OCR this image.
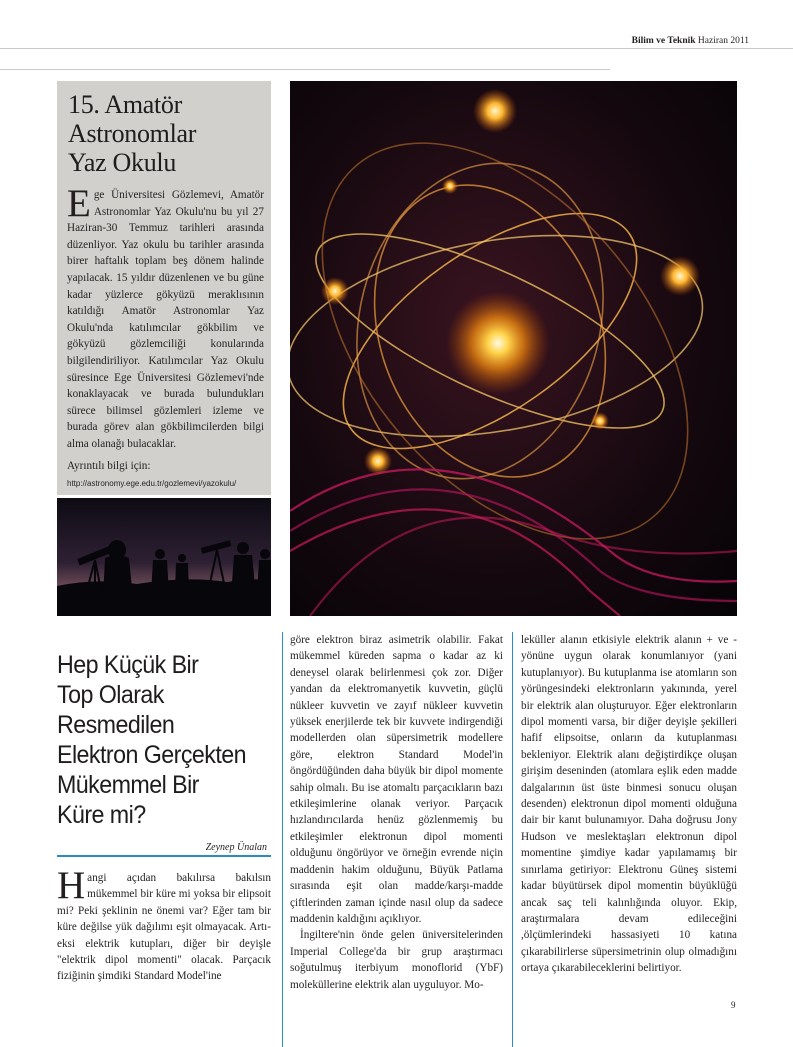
Bilim ve Teknik Haziran 2011
15. Amatör
Astronomlar
Yaz Okulu
Ege Üniversitesi Gözlemevi, Amatör Astronomlar Yaz Okulu'nu bu yıl 27 Haziran-30 Temmuz tarihleri arasında düzenliyor. Yaz okulu bu tarihler arasında birer haftalık toplam beş dönem halinde yapılacak. 15 yıldır düzenlenen ve bu güne kadar yüzlerce gökyüzü meraklısının katıldığı Amatör Astronomlar Yaz Okulu'nda katılımcılar gökbilim ve gökyüzü gözlemciliği konularında bilgilendiriliyor. Katılımcılar Yaz Okulu süresince Ege Üniversitesi Gözlemevi'nde konaklayacak ve burada bulundukları sürece bilimsel gözlemleri izleme ve burada görev alan gökbilimcilerden bilgi alma olanağı bulacaklar.
Ayrıntılı bilgi için:
http://astronomy.ege.edu.tr/gozlemevi/yazokulu/
Hep Küçük Bir
Top Olarak
Resmedilen
Elektron Gerçekten
Mükemmel Bir
Küre mi?
Zeynep Ünalan

Hangi açıdan bakılırsa bakılsın mükemmel bir küre mi yoksa bir elipsoit mi? Peki şeklinin ne önemi var? Eğer tam bir küre değilse yük dağılımı eşit olmayacak. Artı-eksi elektrik kutupları, diğer bir deyişle "elektrik dipol momenti" olacak. Parçacık fiziğinin şimdiki Standard Model'ine

göre elektron biraz asimetrik olabilir. Fakat mükemmel küreden sapma o kadar az ki deneysel olarak belirlenmesi çok zor. Diğer yandan da elektromanyetik kuvvetin, güçlü nükleer kuvvetin ve zayıf nükleer kuvvetin yüksek enerjilerde tek bir kuvvete indirgendiği modellerden olan süpersimetrik modellere göre, elektron Standard Model'in öngördüğünden daha büyük bir dipol momente sahip olmalı. Bu ise atomaltı parçacıkların bazı etkileşimlerine olanak veriyor. Parçacık hızlandırıcılarda henüz gözlenmemiş bu etkileşimler elektronun dipol momenti olduğunu öngörüyor ve örneğin evrende niçin maddenin hakim olduğunu, Büyük Patlama sırasında eşit olan madde/karşı-madde çiftlerinden zaman içinde nasıl olup da sadece maddenin kaldığını açıklıyor.

İngiltere'nin önde gelen üniversitelerinden Imperial College'da bir grup araştırmacı soğutulmuş iterbiyum monoflorid (YbF) moleküllerine elektrik alan uyguluyor. Mo-

leküller alanın etkisiyle elektrik alanın + ve - yönüne uygun olarak konumlanıyor (yani kutuplanıyor). Bu kutuplanma ise atomların son yörüngesindeki elektronların yakınında, yerel bir elektrik alan oluşturuyor. Eğer elektronların dipol momenti varsa, bir diğer deyişle şekilleri hafif elipsoitse, onların da kutuplanması bekleniyor. Elektrik alanı değiştirdikçe oluşan girişim deseninden (atomlara eşlik eden madde dalgalarının üst üste binmesi sonucu oluşan desenden) elektronun dipol momenti olduğuna dair bir kanıt bulunamıyor. Daha doğrusu Jony Hudson ve meslektaşları elektronun dipol momentine şimdiye kadar yapılamamış bir sınırlama getiriyor: Elektronu Güneş sistemi kadar büyütürsek dipol momentin büyüklüğü ancak saç teli kalınlığında oluyor. Ekip, araştırmalara devam edileceğini ,ölçümlerindeki hassasiyeti 10 katına çıkarabilirlerse süpersimetrinin olup olmadığını ortaya çıkarabileceklerini belirtiyor.

9
